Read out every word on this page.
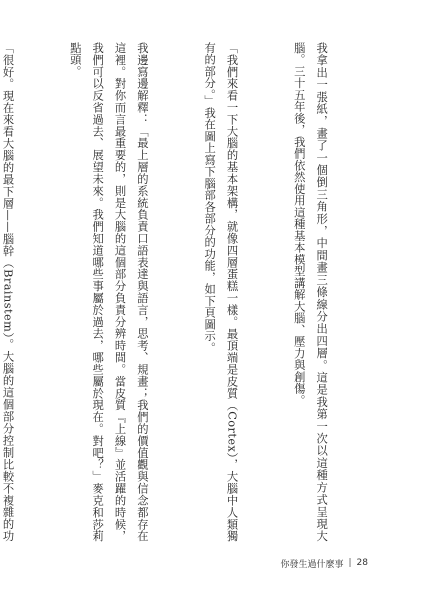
我拿出一張紙，畫了一個倒三角形，中間畫三條線分出四層。這是我第一次以這種方式呈現大腦。三十五年後，我們依然使用這種基本模型講解大腦、壓力與創傷。

「我們來看一下大腦的基本架構，就像四層蛋糕一樣。最頂端是皮質（Cortex），大腦中人類獨有的部分。」我在圖上寫下腦部各部分的功能，如下頁圖示。

我邊寫邊解釋：「最上層的系統負責口語表達與語言，思考、規畫；我們的價值觀與信念都存在這裡。對你而言最重要的，則是大腦的這個部分負責分辨時間。當皮質『上線』並活躍的時候，我們可以反省過去、展望未來。我們知道哪些事屬於過去，哪些屬於現在。對吧？」麥克和莎莉點頭。

「很好。現在來看大腦的最下層——腦幹（Brainstem）。大腦的這個部分控制比較不複雜的功

你發生過什麼事 | 28
